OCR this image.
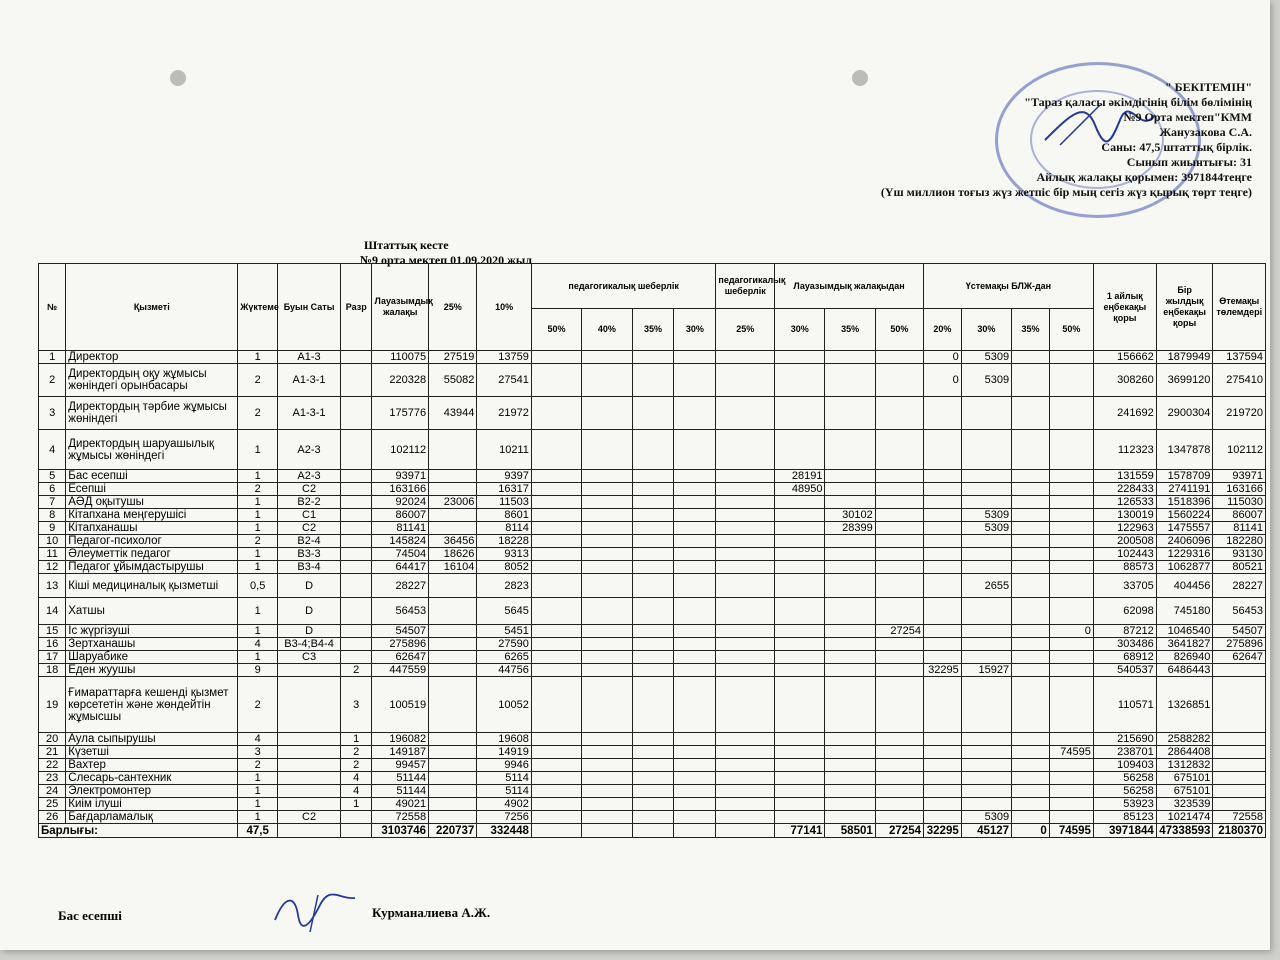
" БЕКІТЕМІН"
"Тараз қаласы әкімдігінің білім бөлімінің
№9 Орта мектеп"КММ
Жанузакова С.А.
Саны: 47,5 штаттық бірлік.
Сынып жиынтығы: 31
Айлық жалақы қорымен: 3971844теңге
(Үш миллион тоғыз жүз жетпіс бір мың сегіз жүз қырық төрт теңге)
Штаттық кесте
№9 орта мектеп 01.09.2020 жыл
№	Қызметі	Жүктеме	Буын Саты	Разр	Лауазымдық жалақы	25%	10%	педагогикалық шеберлік				педагогикалық шеберлік	Лауазымдық жалақыдан			Үстемақы БЛЖ-дан				1 айлық еңбекақы қоры	Бір жылдық еңбекақы қоры	Өтемақы төлемдері
								50%	40%	35%	30%	25%	30%	35%	50%	20%	30%	35%	50%			
1	Директор	1	А1-3		110075	27519	13759									0	5309			156662	1879949	137594
2	Директордың оқу жұмысы жөніндегі орынбасары	2	А1-3-1		220328	55082	27541									0	5309			308260	3699120	275410
3	Директордың тәрбие жұмысы жөніндегі	2	А1-3-1		175776	43944	21972													241692	2900304	219720
4	Директордың шаруашылық жұмысы жөніндегі	1	А2-3		102112		10211													112323	1347878	102112
5	Бас есепші	1	А2-3		93971		9397						28191							131559	1578709	93971
6	Есепші	2	С2		163166		16317						48950							228433	2741191	163166
7	АӘД оқытушы	1	В2-2		92024	23006	11503													126533	1518396	115030
8	Кітапхана меңгерушісі	1	С1		86007		8601							30102			5309			130019	1560224	86007
9	Кітапханашы	1	С2		81141		8114							28399			5309			122963	1475557	81141
10	Педагог-психолог	2	В2-4		145824	36456	18228													200508	2406096	182280
11	Әлеуметтік педагог	1	В3-3		74504	18626	9313													102443	1229316	93130
12	Педагог ұйымдастырушы	1	В3-4		64417	16104	8052													88573	1062877	80521
13	Кіші медициналық қызметші	0,5	D		28227		2823										2655			33705	404456	28227
14	Хатшы	1	D		56453		5645													62098	745180	56453
15	Іс жүргізуші	1	D		54507		5451								27254				0	87212	1046540	54507
16	Зертханашы	4	В3-4;В4-4		275896		27590													303486	3641827	275896
17	Шаруабике	1	С3		62647		6265													68912	826940	62647
18	Еден жуушы	9		2	447559		44756									32295	15927			540537	6486443	
19	Ғимараттарға кешенді қызмет көрсететін және жөндейтін жұмысшы	2		3	100519		10052													110571	1326851	
20	Аула сыпырушы	4		1	196082		19608													215690	2588282	
21	Күзетші	3		2	149187		14919												74595	238701	2864408	
22	Вахтер	2		2	99457		9946													109403	1312832	
23	Слесарь-сантехник	1		4	51144		5114													56258	675101	
24	Электромонтер	1		4	51144		5114													56258	675101	
25	Киім ілуші	1		1	49021		4902													53923	323539	
26	Бағдарламалық	1	С2		72558		7256										5309			85123	1021474	72558
Барлығы:		47,5			3103746	220737	332448						77141	58501	27254	32295	45127	0	74595	3971844	47338593	2180370
Бас есепші	Курманалиева А.Ж.
